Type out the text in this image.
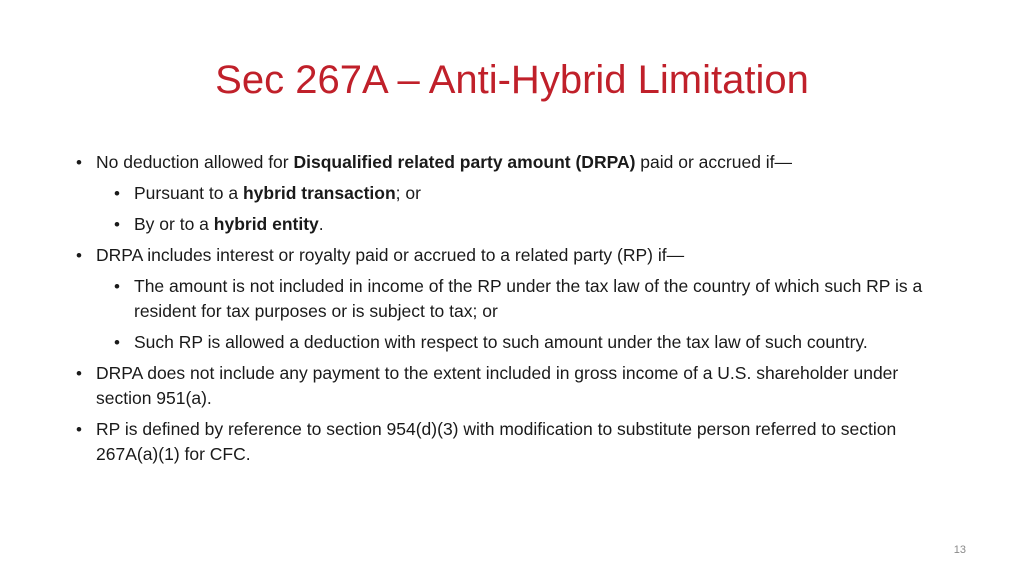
Sec 267A – Anti-Hybrid Limitation
• No deduction allowed for Disqualified related party amount (DRPA) paid or accrued if—
• Pursuant to a hybrid transaction; or
• By or to a hybrid entity.
• DRPA includes interest or royalty paid or accrued to a related party (RP) if—
• The amount is not included in income of the RP under the tax law of the country of which such RP is a resident for tax purposes or is subject to tax; or
• Such RP is allowed a deduction with respect to such amount under the tax law of such country.
• DRPA does not include any payment to the extent included in gross income of a U.S. shareholder under section 951(a).
• RP is defined by reference to section 954(d)(3) with modification to substitute person referred to section 267A(a)(1) for CFC.
13
